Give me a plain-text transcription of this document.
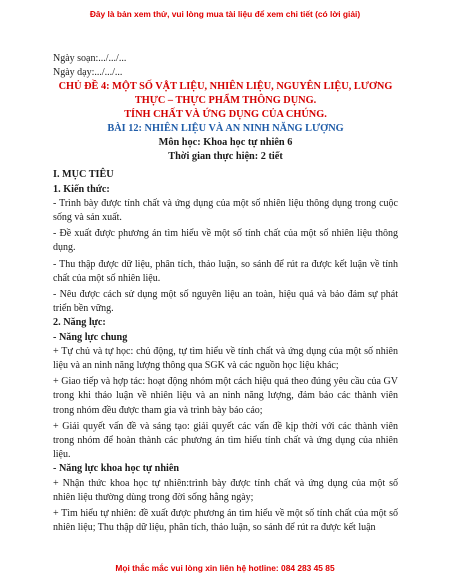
Đây là bản xem thử, vui lòng mua tài liệu để xem chi tiết (có lời giải)
Ngày soạn:.../.../...
Ngày dạy:.../.../...
CHỦ ĐỀ 4: MỘT SỐ VẬT LIỆU, NHIÊN LIỆU, NGUYÊN LIỆU, LƯƠNG
THỰC – THỰC PHẨM THÔNG DỤNG.
TÍNH CHẤT VÀ ỨNG DỤNG CỦA CHÚNG.
BÀI 12: NHIÊN LIỆU VÀ AN NINH NĂNG LƯỢNG
Môn học: Khoa học tự nhiên 6
Thời gian thực hiện: 2 tiết
I. MỤC TIÊU
1. Kiến thức:

- Trình bày được tính chất và ứng dụng của một số nhiên liệu thông dụng trong cuộc sống và sản xuất.

- Đề xuất được phương án tìm hiểu về một số tính chất của một số nhiên liệu thông dụng.

- Thu thập được dữ liệu, phân tích, thảo luận, so sánh để rút ra được kết luận về tính chất của một số nhiên liệu.

- Nêu được cách sử dụng một số nguyên liệu an toàn, hiệu quả và bảo đảm sự phát triển bền vững.

2. Năng lực:
- Năng lực chung

+ Tự chủ và tự học: chủ động, tự tìm hiểu về tính chất và ứng dụng của một số nhiên liệu và an ninh năng lượng thông qua SGK và các nguồn học liệu khác;

+ Giao tiếp và hợp tác: hoạt động nhóm một cách hiệu quả theo đúng yêu cầu của GV trong khi thảo luận về nhiên liệu và an ninh năng lượng, đảm bảo các thành viên trong nhóm đều được tham gia và trình bày báo cáo;

+ Giải quyết vấn đề và sáng tạo: giải quyết các vấn đề kịp thời với các thành viên trong nhóm để hoàn thành các phương án tìm hiểu tính chất và ứng dụng của nhiên liệu.

- Năng lực khoa học tự nhiên

+ Nhận thức khoa học tự nhiên:trình bày được tính chất và ứng dụng của một số nhiên liệu thường dùng trong đời sống hằng ngày;

+ Tìm hiểu tự nhiên: đề xuất được phương án tìm hiểu về một số tính chất của một số nhiên liệu; Thu thập dữ liệu, phân tích, thảo luận, so sánh để rút ra được kết luận

Mọi thắc mắc vui lòng xin liên hệ hotline: 084 283 45 85
